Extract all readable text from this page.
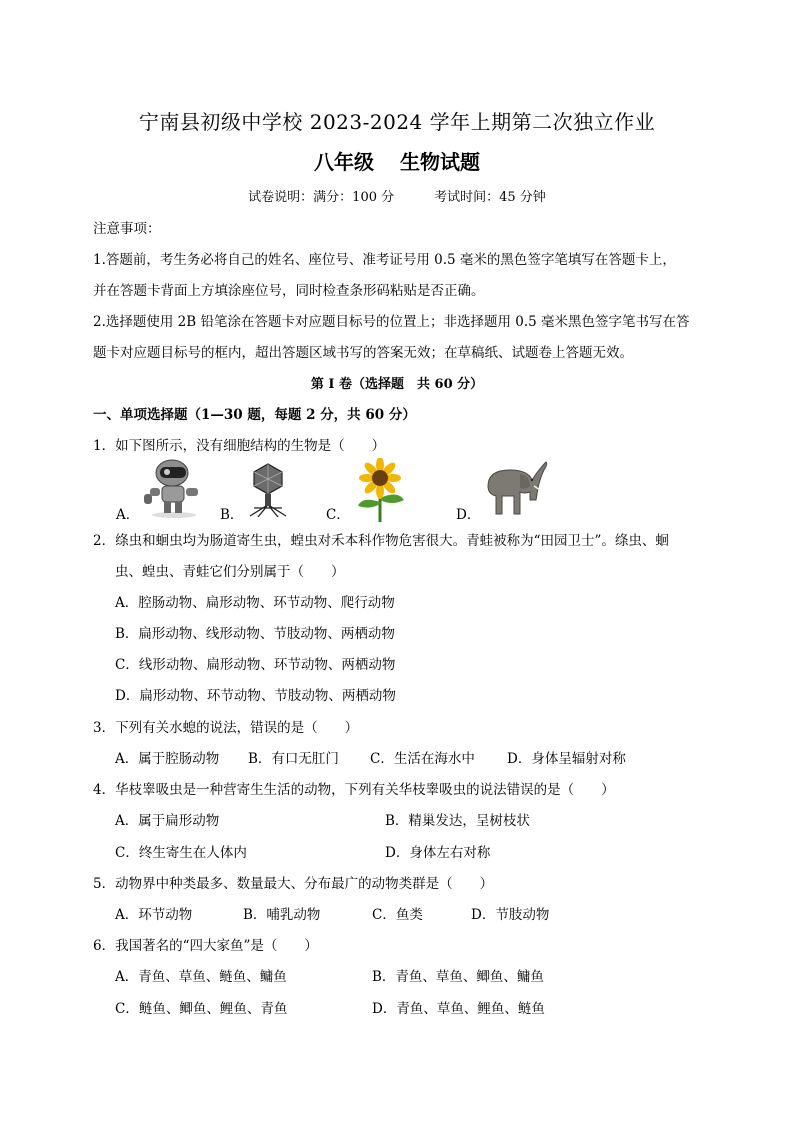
宁南县初级中学校 2023-2024 学年上期第二次独立作业
八年级 生物试题
试卷说明：满分：100 分	考试时间：45 分钟
注意事项：
1.答题前，考生务必将自己的姓名、座位号、准考证号用 0.5 毫米的黑色签字笔填写在答题卡上，
并在答题卡背面上方填涂座位号，同时检查条形码粘贴是否正确。
2.选择题使用 2B 铅笔涂在答题卡对应题目标号的位置上；非选择题用 0.5 毫米黑色签字笔书写在答
题卡对应题目标号的框内，超出答题区域书写的答案无效；在草稿纸、试题卷上答题无效。
第 I 卷（选择题　共 60 分）
一、单项选择题（1—30 题，每题 2 分，共 60 分）
1．如下图所示，没有细胞结构的生物是（　　）
A．	B．	C．	D．
2．绦虫和蛔虫均为肠道寄生虫，蝗虫对禾本科作物危害很大。青蛙被称为“田园卫士”。绦虫、蛔
虫、蝗虫、青蛙它们分别属于（　　）
A．腔肠动物、扁形动物、环节动物、爬行动物
B．扁形动物、线形动物、节肢动物、两栖动物
C．线形动物、扁形动物、环节动物、两栖动物
D．扁形动物、环节动物、节肢动物、两栖动物
3．下列有关水螅的说法，错误的是（　　）
A．属于腔肠动物 B．有口无肛门 C．生活在海水中 D．身体呈辐射对称
4．华枝睾吸虫是一种营寄生生活的动物，下列有关华枝睾吸虫的说法错误的是（　　）
A．属于扁形动物	B．精巢发达，呈树枝状
C．终生寄生在人体内	D．身体左右对称
5．动物界中种类最多、数量最大、分布最广的动物类群是（　　）
A．环节动物	B．哺乳动物	C．鱼类	D．节肢动物
6．我国著名的“四大家鱼”是（　　）
A．青鱼、草鱼、鲢鱼、鳙鱼	B．青鱼、草鱼、鲫鱼、鳙鱼
C．鲢鱼、鲫鱼、鲤鱼、青鱼	D．青鱼、草鱼、鲤鱼、鲢鱼
